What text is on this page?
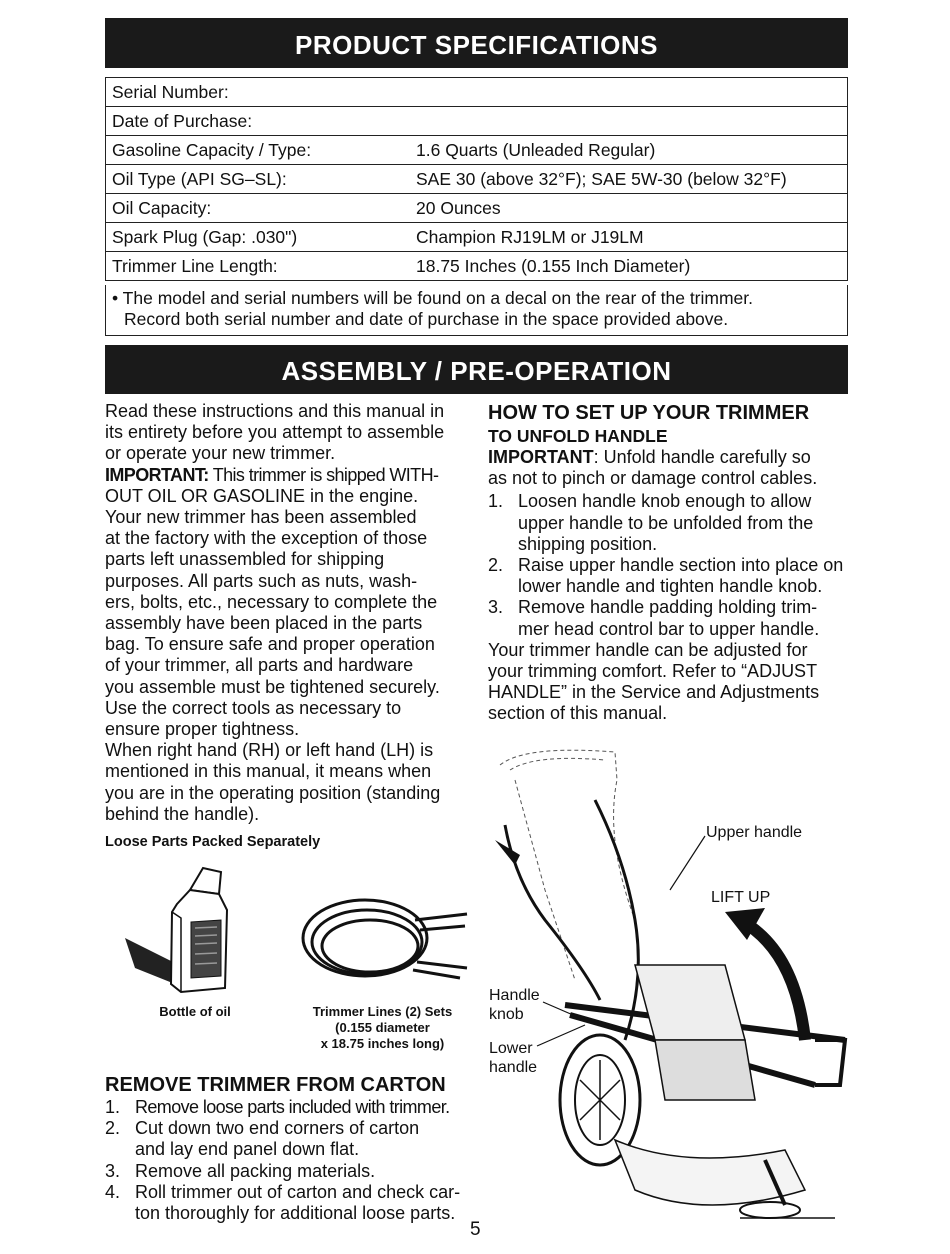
PRODUCT SPECIFICATIONS
Serial Number:	
Date of Purchase:	
Gasoline Capacity / Type:	1.6 Quarts (Unleaded Regular)
Oil Type (API SG–SL):	SAE 30 (above 32°F); SAE 5W-30 (below 32°F)
Oil Capacity:	20 Ounces
Spark Plug (Gap: .030")	Champion RJ19LM or J19LM
Trimmer Line Length:	18.75 Inches (0.155 Inch Diameter)
• The model and serial numbers will be found on a decal on the rear of the trimmer.
Record both serial number and date of purchase in the space provided above.
ASSEMBLY / PRE-OPERATION
Read these instructions and this manual in
its entirety before you attempt to assemble
or operate your new trimmer.
IMPORTANT: This trimmer is shipped WITH-
OUT OIL OR GASOLINE in the engine.
Your new trimmer has been assembled
at the factory with the exception of those
parts left unassembled for shipping
purposes. All parts such as nuts, wash-
ers, bolts, etc., necessary to complete the
assembly have been placed in the parts
bag. To ensure safe and proper operation
of your trimmer, all parts and hardware
you assemble must be tightened securely.
Use the correct tools as necessary to
ensure proper tightness.
When right hand (RH) or left hand (LH) is
mentioned in this manual, it means when
you are in the operating position (standing
behind the handle).
Loose Parts Packed Separately
Bottle of oil	Trimmer Lines (2) Sets
(0.155 diameter
x 18.75 inches long)
REMOVE TRIMMER FROM CARTON
1. Remove loose parts included with trimmer.
2. Cut down two end corners of carton
and lay end panel down flat.
3. Remove all packing materials.
4. Roll trimmer out of carton and check car-
ton thoroughly for additional loose parts.
HOW TO SET UP YOUR TRIMMER
TO UNFOLD HANDLE
IMPORTANT: Unfold handle carefully so
as not to pinch or damage control cables.
1. Loosen handle knob enough to allow
upper handle to be unfolded from the
shipping position.
2. Raise upper handle section into place on
lower handle and tighten handle knob.
3. Remove handle padding holding trim-
mer head control bar to upper handle.
Your trimmer handle can be adjusted for
your trimming comfort. Refer to “ADJUST
HANDLE” in the Service and Adjustments
section of this manual.
Upper handle
LIFT UP
Handle
knob
Lower
handle
5
